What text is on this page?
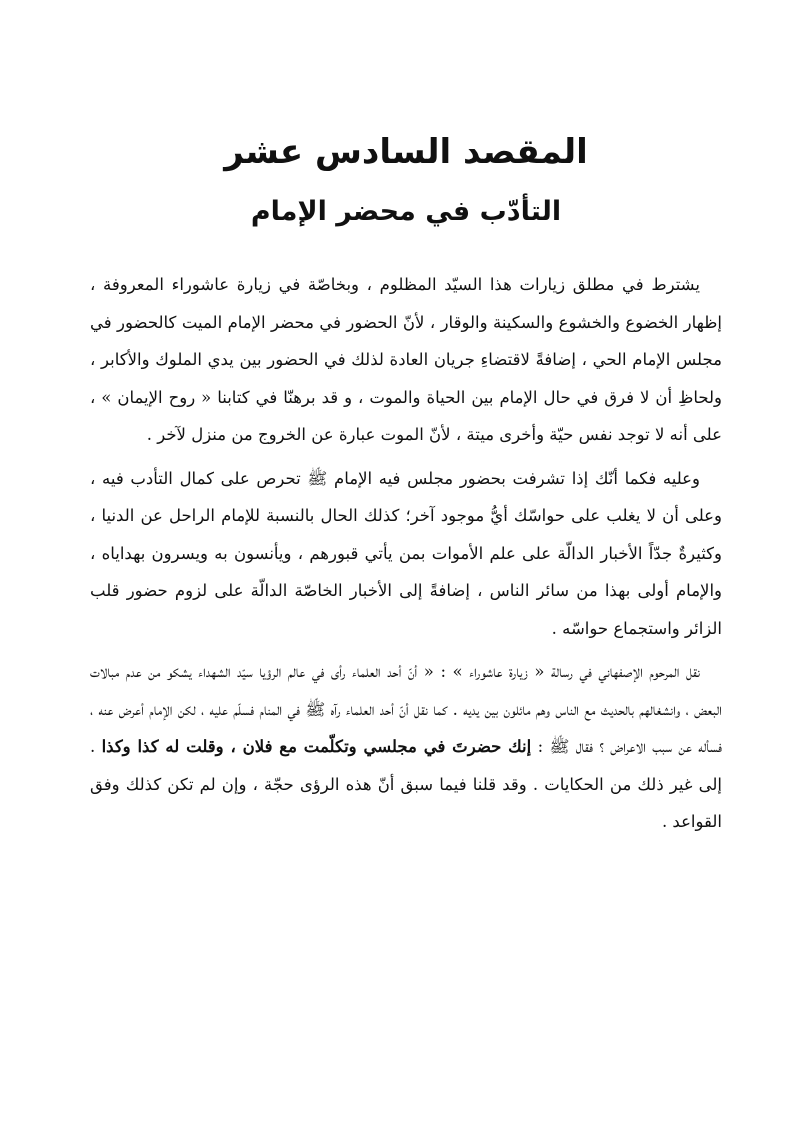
المقصد السادس عشر
التأدّب في محضر الإمام

يشترط في مطلق زيارات هذا السيّد المظلوم ، وبخاصّة في زيارة عاشوراء المعروفة ، إظهار الخضوع والخشوع والسكينة والوقار ، لأنّ الحضور في محضر الإمام الميت كالحضور في مجلس الإمام الحي ، إضافةً لاقتضاءِ جريان العادة لذلك في الحضور بين يدي الملوك والأكابر ، ولحاظِ أن لا فرق في حال الإمام بين الحياة والموت ، و قد برهنّا في كتابنا « روح الإيمان » ، على أنه لا توجد نفس حيّة وأخرى ميتة ، لأنّ الموت عبارة عن الخروج من منزل لآخر .

وعليه فكما أنّك إذا تشرفت بحضور مجلس فيه الإمام ﷺ تحرص على كمال التأدب فيه ، وعلى أن لا يغلب على حواسّك أيُّ موجود آخر؛ كذلك الحال بالنسبة للإمام الراحل عن الدنيا ، وكثيرةٌ جدّاً الأخبار الدالّة على علم الأموات بمن يأتي قبورهم ، ويأنسون به ويسرون بهداياه ، والإمام أولى بهذا من سائر الناس ، إضافةً إلى الأخبار الخاصّة الدالّة على لزوم حضور قلب الزائر واستجماع حواسّه .

نقل المرحوم الإصفهاني في رسالة « زيارة عاشوراء » : « أنّ أحد العلماء رأى في عالم الرؤيا سيّد الشهداء يشكو من عدم مبالات البعض ، وانشغالهم بالحديث مع الناس وهم مائلون بين يديه . كما نقل أنّ أحد العلماء رآه ﷺ في المنام فسلّم عليه ، لكن الإمام أعرض عنه ، فسأله عن سبب الاعراض ؟ فقال ﷺ : إنك حضرتَ في مجلسي وتكلّمت مع فلان ، وقلت له كذا وكذا . إلى غير ذلك من الحكايات . وقد قلنا فيما سبق أنّ هذه الرؤى حجّة ، وإن لم تكن كذلك وفق القواعد .
